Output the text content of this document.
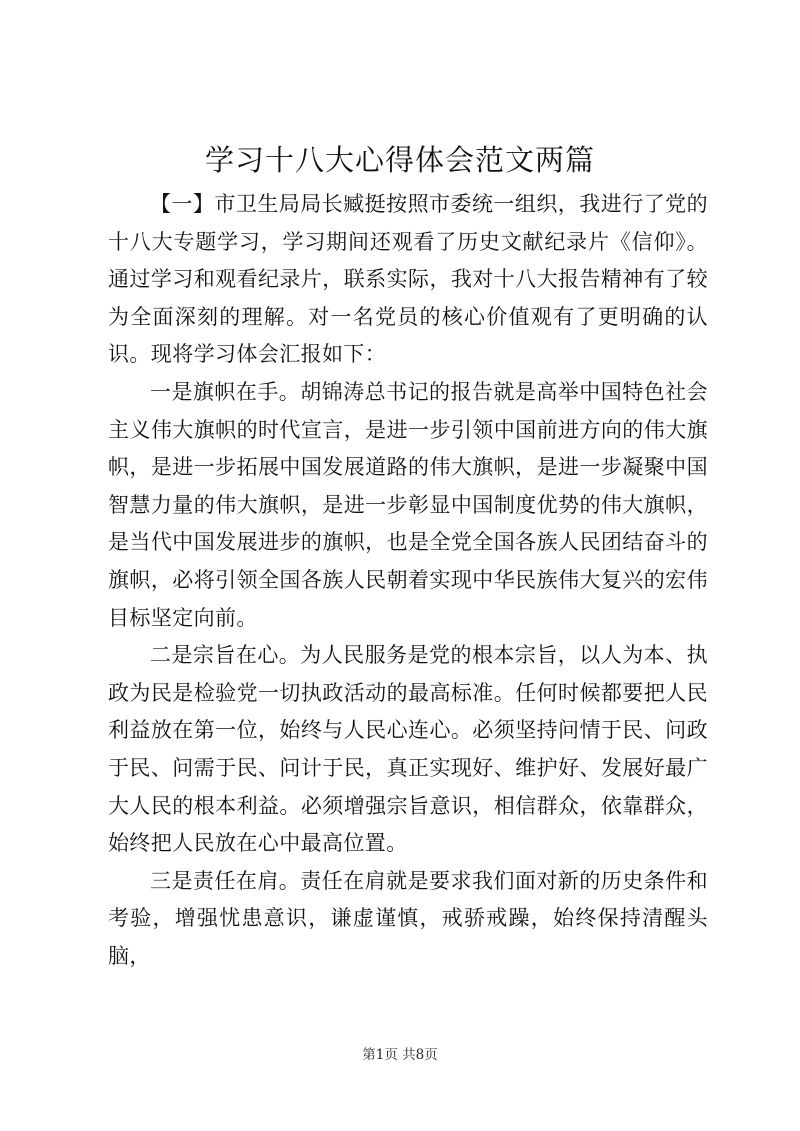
学习十八大心得体会范文两篇

【一】市卫生局局长臧挺按照市委统一组织，我进行了党的十八大专题学习，学习期间还观看了历史文献纪录片《信仰》。通过学习和观看纪录片，联系实际，我对十八大报告精神有了较为全面深刻的理解。对一名党员的核心价值观有了更明确的认识。现将学习体会汇报如下：

一是旗帜在手。胡锦涛总书记的报告就是高举中国特色社会主义伟大旗帜的时代宣言，是进一步引领中国前进方向的伟大旗帜，是进一步拓展中国发展道路的伟大旗帜，是进一步凝聚中国智慧力量的伟大旗帜，是进一步彰显中国制度优势的伟大旗帜，是当代中国发展进步的旗帜，也是全党全国各族人民团结奋斗的旗帜，必将引领全国各族人民朝着实现中华民族伟大复兴的宏伟目标坚定向前。

二是宗旨在心。为人民服务是党的根本宗旨，以人为本、执政为民是检验党一切执政活动的最高标准。任何时候都要把人民利益放在第一位，始终与人民心连心。必须坚持问情于民、问政于民、问需于民、问计于民，真正实现好、维护好、发展好最广大人民的根本利益。必须增强宗旨意识，相信群众，依靠群众，始终把人民放在心中最高位置。

三是责任在肩。责任在肩就是要求我们面对新的历史条件和考验，增强忧患意识，谦虚谨慎，戒骄戒躁，始终保持清醒头脑，

第1页 共8页
